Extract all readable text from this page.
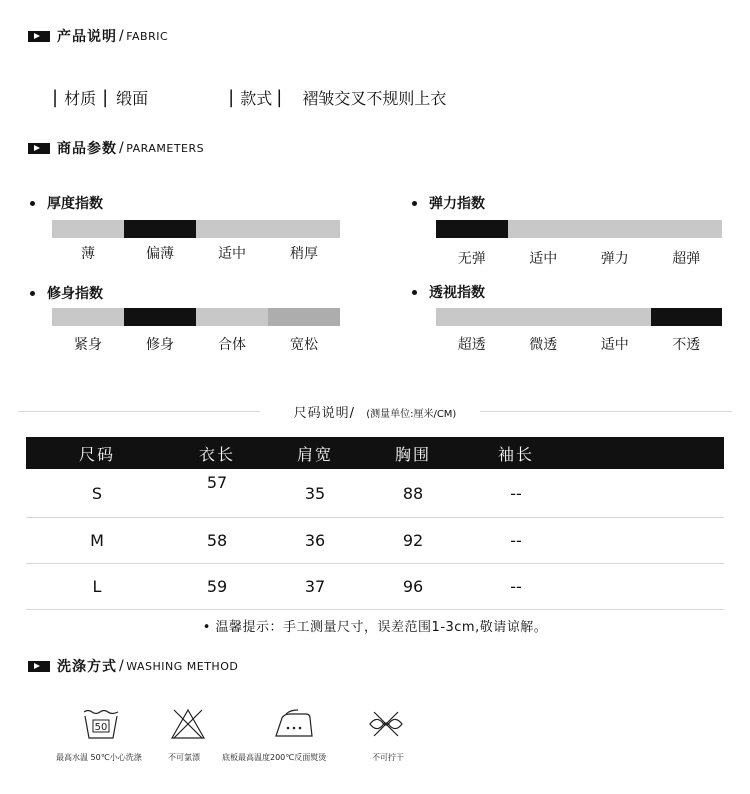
产品说明 / FABRIC
| 材质 | 缎面	| 款式 | 褶皱交叉不规则上衣
商品参数 / PARAMETERS
厚度指数
薄	偏薄	适中	稍厚
弹力指数
无弹	适中	弹力	超弹
修身指数
紧身	修身	合体	宽松
透视指数
超透	微透	适中	不透
尺码说明/ (测量单位:厘米/CM)
尺码	衣长	肩宽	胸围	袖长	
S	57	35	88	--	
M	58	36	92	--	
L	59	37	96	--	
• 温馨提示：手工测量尺寸，误差范围1-3cm,敬请谅解。
洗涤方式 / WASHING METHOD
50
最高水温 50℃小心洗涤	不可氯漂	底板最高温度200℃反面熨烫	不可拧干
